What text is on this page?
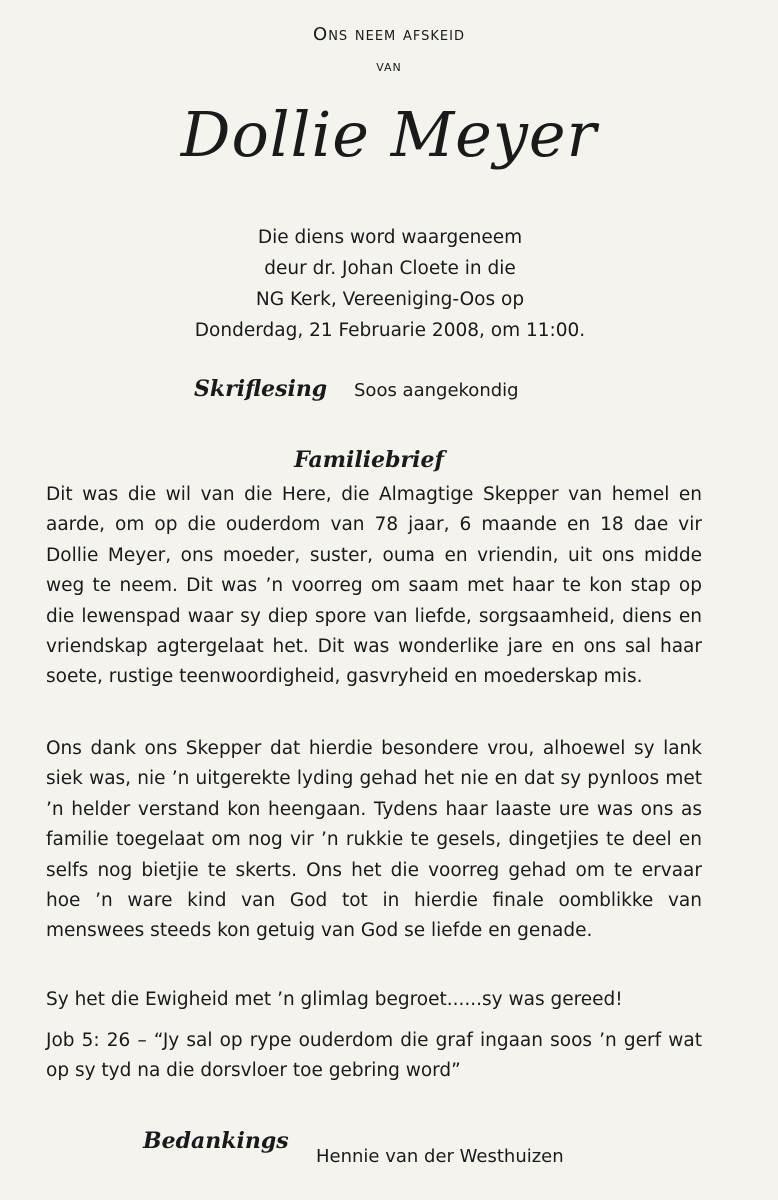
Ons neem afskeid
van
Dollie Meyer
Die diens word waargeneem
deur dr. Johan Cloete in die
NG Kerk, Vereeniging-Oos op
Donderdag, 21 Februarie 2008, om 11:00.
Skriflesing Soos aangekondig
Familiebrief
Dit was die wil van die Here, die Almagtige Skepper van hemel en aarde, om op die ouderdom van 78 jaar, 6 maande en 18 dae vir Dollie Meyer, ons moeder, suster, ouma en vriendin, uit ons midde weg te neem. Dit was ’n voorreg om saam met haar te kon stap op die lewenspad waar sy diep spore van liefde, sorgsaamheid, diens en vriendskap agtergelaat het. Dit was wonderlike jare en ons sal haar soete, rustige teenwoordigheid, gasvryheid en moederskap mis.
Ons dank ons Skepper dat hierdie besondere vrou, alhoewel sy lank siek was, nie ’n uitgerekte lyding gehad het nie en dat sy pynloos met ’n helder verstand kon heengaan. Tydens haar laaste ure was ons as familie toegelaat om nog vir ’n rukkie te gesels, dingetjies te deel en selfs nog bietjie te skerts. Ons het die voorreg gehad om te ervaar hoe ’n ware kind van God tot in hierdie finale oomblikke van menswees steeds kon getuig van God se liefde en genade.
Sy het die Ewigheid met ’n glimlag begroet......sy was gereed!
Job 5: 26 – “Jy sal op rype ouderdom die graf ingaan soos ’n gerf wat op sy tyd na die dorsvloer toe gebring word”
Bedankings
Hennie van der Westhuizen
